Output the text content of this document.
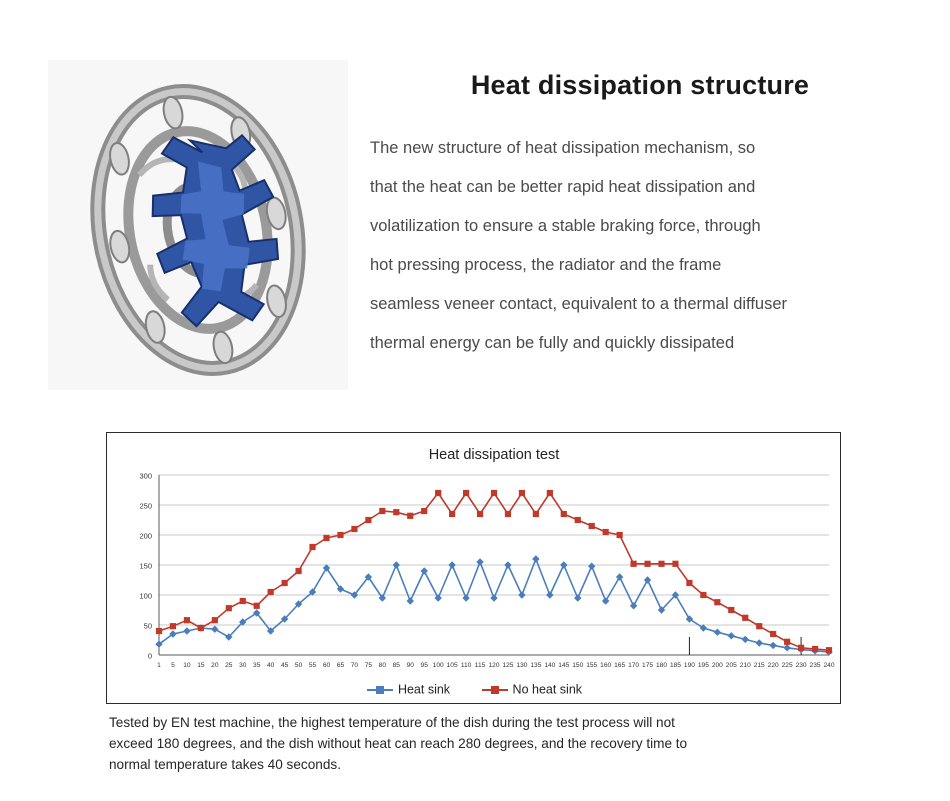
Heat dissipation structure

The new structure of heat dissipation mechanism, so
that the heat can be better rapid heat dissipation and
volatilization to ensure a stable braking force, through
hot pressing process, the radiator and the frame
seamless veneer contact, equivalent to a thermal diffuser
thermal energy can be fully and quickly dissipated

Heat dissipation test
0
50
100
150
200
250
300
1 5 10 15 20 25 30 35 40 45 50 55 60 65 70 75 80 85 90 95 100 105 110 115 120 125 130 135 140 145 150 155 160 165 170 175 180 185 190 195 200 205 210 215 220 225 230 235 240
Heat sink	No heat sink
Tested by EN test machine, the highest temperature of the dish during the test process will not
exceed 180 degrees, and the dish without heat can reach 280 degrees, and the recovery time to
normal temperature takes 40 seconds.
